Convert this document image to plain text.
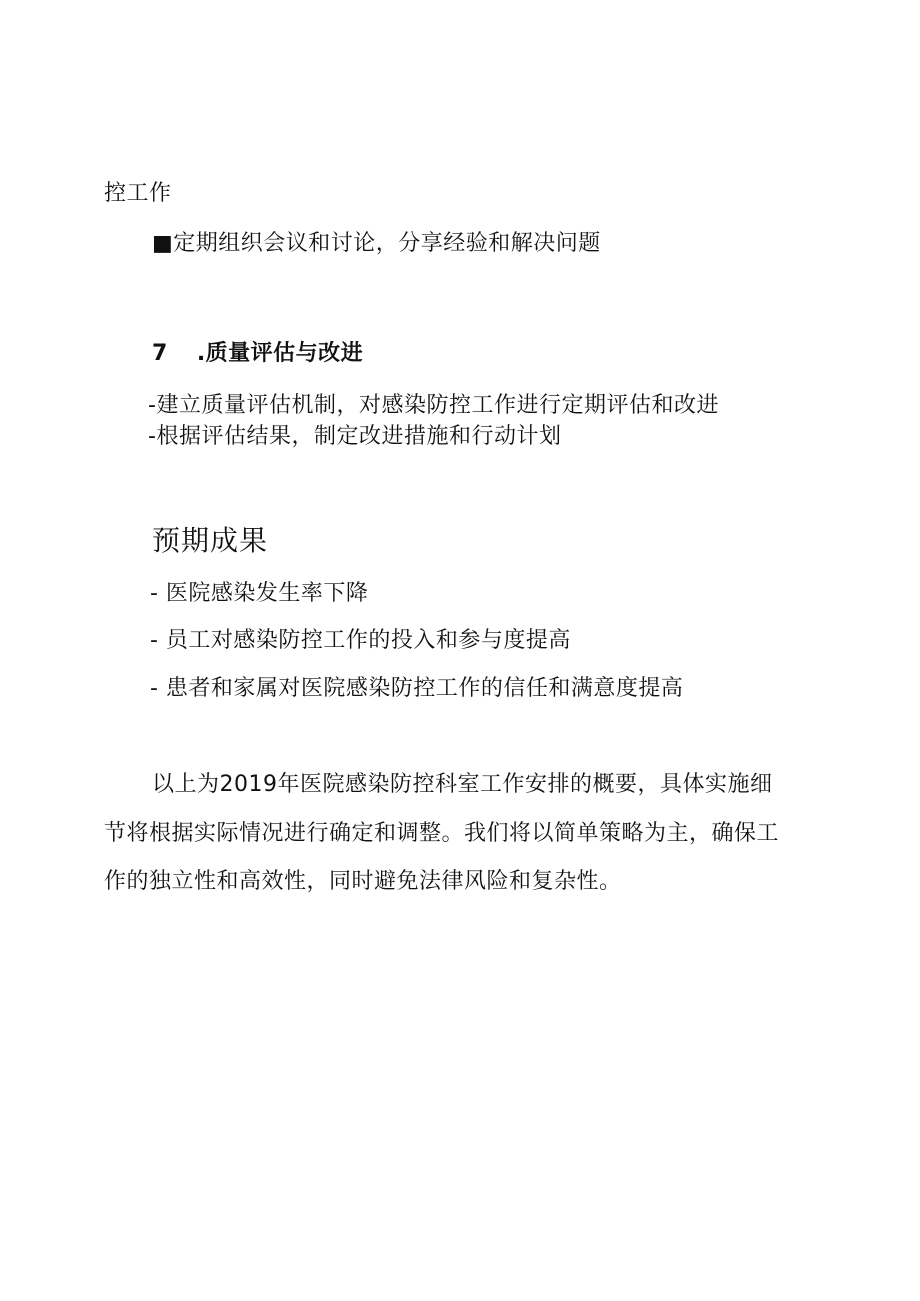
控工作
■定期组织会议和讨论，分享经验和解决问题
7 .质量评估与改进
-建立质量评估机制，对感染防控工作进行定期评估和改进
-根据评估结果，制定改进措施和行动计划
预期成果
- 医院感染发生率下降
- 员工对感染防控工作的投入和参与度提高
- 患者和家属对医院感染防控工作的信任和满意度提高
以上为2019年医院感染防控科室工作安排的概要，具体实施细
节将根据实际情况进行确定和调整。我们将以简单策略为主，确保工
作的独立性和高效性，同时避免法律风险和复杂性。
